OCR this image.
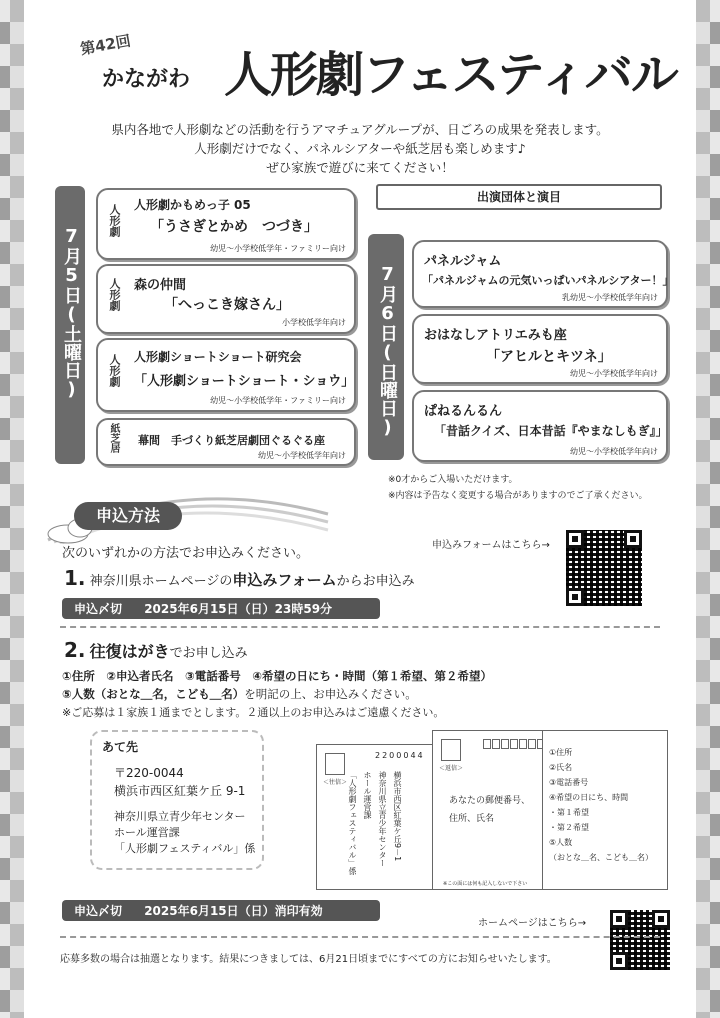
第42回
かながわ 人形劇フェスティバル
県内各地で人形劇などの活動を行うアマチュアグループが、日ごろの成果を発表します。
人形劇だけでなく、パネルシアターや紙芝居も楽しめます♪
ぜひ家族で遊びに来てください！
7月5日(土曜日)
人形劇 人形劇かもめっ子 05
「うさぎとかめ　つづき」
幼児～小学校低学年・ファミリー向け
人形劇 森の仲間
「へっこき嫁さん」
小学校低学年向け
人形劇 人形劇ショートショート研究会
「人形劇ショートショート・ショウ」
幼児～小学校低学年・ファミリー向け
紙芝居 幕間　手づくり紙芝居劇団ぐるぐる座
幼児～小学校低学年向け
出演団体と演目
7月6日(日曜日)
パネルジャム
「パネルジャムの元気いっぱいパネルシアター！」
乳幼児～小学校低学年向け
おはなしアトリエみも座
「アヒルとキツネ」
幼児～小学校低学年向け
ぱねるんるん
「昔話クイズ、日本昔話『やまなしもぎ』」
幼児～小学校低学年向け
※0才からご入場いただけます。
※内容は予告なく変更する場合がありますのでご了承ください。
申込方法
次のいずれかの方法でお申込みください。
申込みフォームはこちら→
1. 神奈川県ホームページの申込みフォームからお申込み
申込〆切 2025年6月15日（日）23時59分
2. 往復はがきでお申し込み
①住所　②申込者氏名　③電話番号　④希望の日にち・時間（第１希望、第２希望）
⑤人数（おとな＿名，こども＿名）を明記の上、お申込みください。
※ご応募は１家族１通までとします。２通以上のお申込みはご遠慮ください。
あて先
〒220-0044
横浜市西区紅葉ケ丘 9-1
神奈川県立青少年センター
ホール運営課
「人形劇フェスティバル」係
＜往信＞
2200044
横浜市西区紅葉ケ丘9－1
神奈川県立青少年センター
ホール運営課
「人形劇フェスティバル」係
＜返信＞
あなたの郵便番号、
住所、氏名
※この面には何も記入しないで下さい
①住所
②氏名
③電話番号
④希望の日にち、時間
・第１希望
・第２希望
⑤人数
（おとな＿名、こども＿名）
申込〆切 2025年6月15日（日）消印有効
ホームページはこちら→
応募多数の場合は抽選となります。結果につきましては、6月21日頃までにすべての方にお知らせいたします。
